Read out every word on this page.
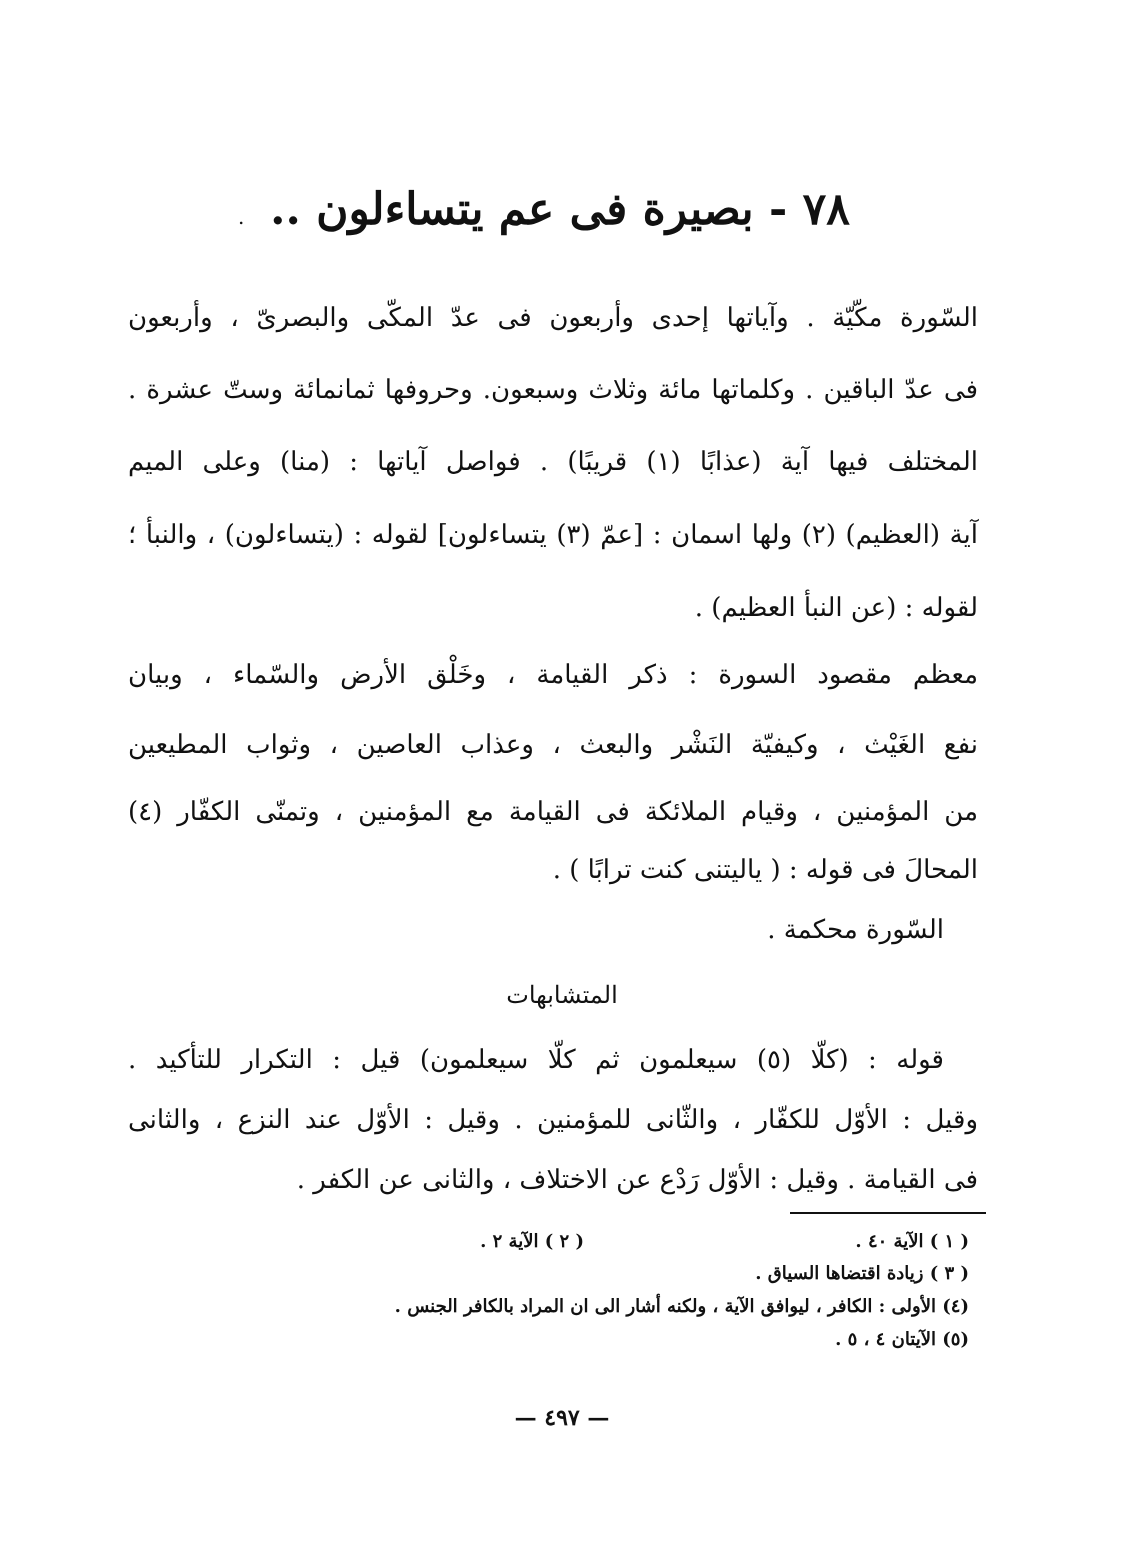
٧٨ - بصيرة فى عم يتساءلون ..
.
السّورة مكّيّة . وآياتها إحدى وأربعون فى عدّ المكّى والبصرىّ ، وأربعون
فى عدّ الباقين . وكلماتها مائة وثلاث وسبعون. وحروفها ثمانمائة وستّ عشرة .
المختلف فيها آية (عذابًا (١) قريبًا) . فواصل آياتها : (منا) وعلى الميم
آية (العظيم) (٢) ولها اسمان : [عمّ (٣) يتساءلون] لقوله : (يتساءلون) ، والنبأ ؛
لقوله : (عن النبأ العظيم) .
معظم مقصود السورة : ذكر القيامة ، وخَلْق الأرض والسّماء ، وبيان
نفع الغَيْث ، وكيفيّة النَشْر والبعث ، وعذاب العاصين ، وثواب المطيعين
من المؤمنين ، وقيام الملائكة فى القيامة مع المؤمنين ، وتمنّى الكفّار (٤)
المحالَ فى قوله : ( ياليتنى كنت ترابًا ) .
السّورة محكمة .
المتشابهات
قوله : (كلّا (٥) سيعلمون ثم كلّا سيعلمون) قيل : التكرار للتأكيد .
وقيل : الأوّل للكفّار ، والثّانى للمؤمنين . وقيل : الأوّل عند النزع ، والثانى
فى القيامة . وقيل : الأوّل رَدْع عن الاختلاف ، والثانى عن الكفر .
( ١ ) الآية ٤٠ .
( ٢ ) الآية ٢ .
( ٣ ) زيادة اقتضاها السياق .
(٤) الأولى : الكافر ، ليوافق الآية ، ولكنه أشار الى ان المراد بالكافر الجنس .
(٥) الآيتان ٤ ، ٥ .
— ٤٩٧ —
